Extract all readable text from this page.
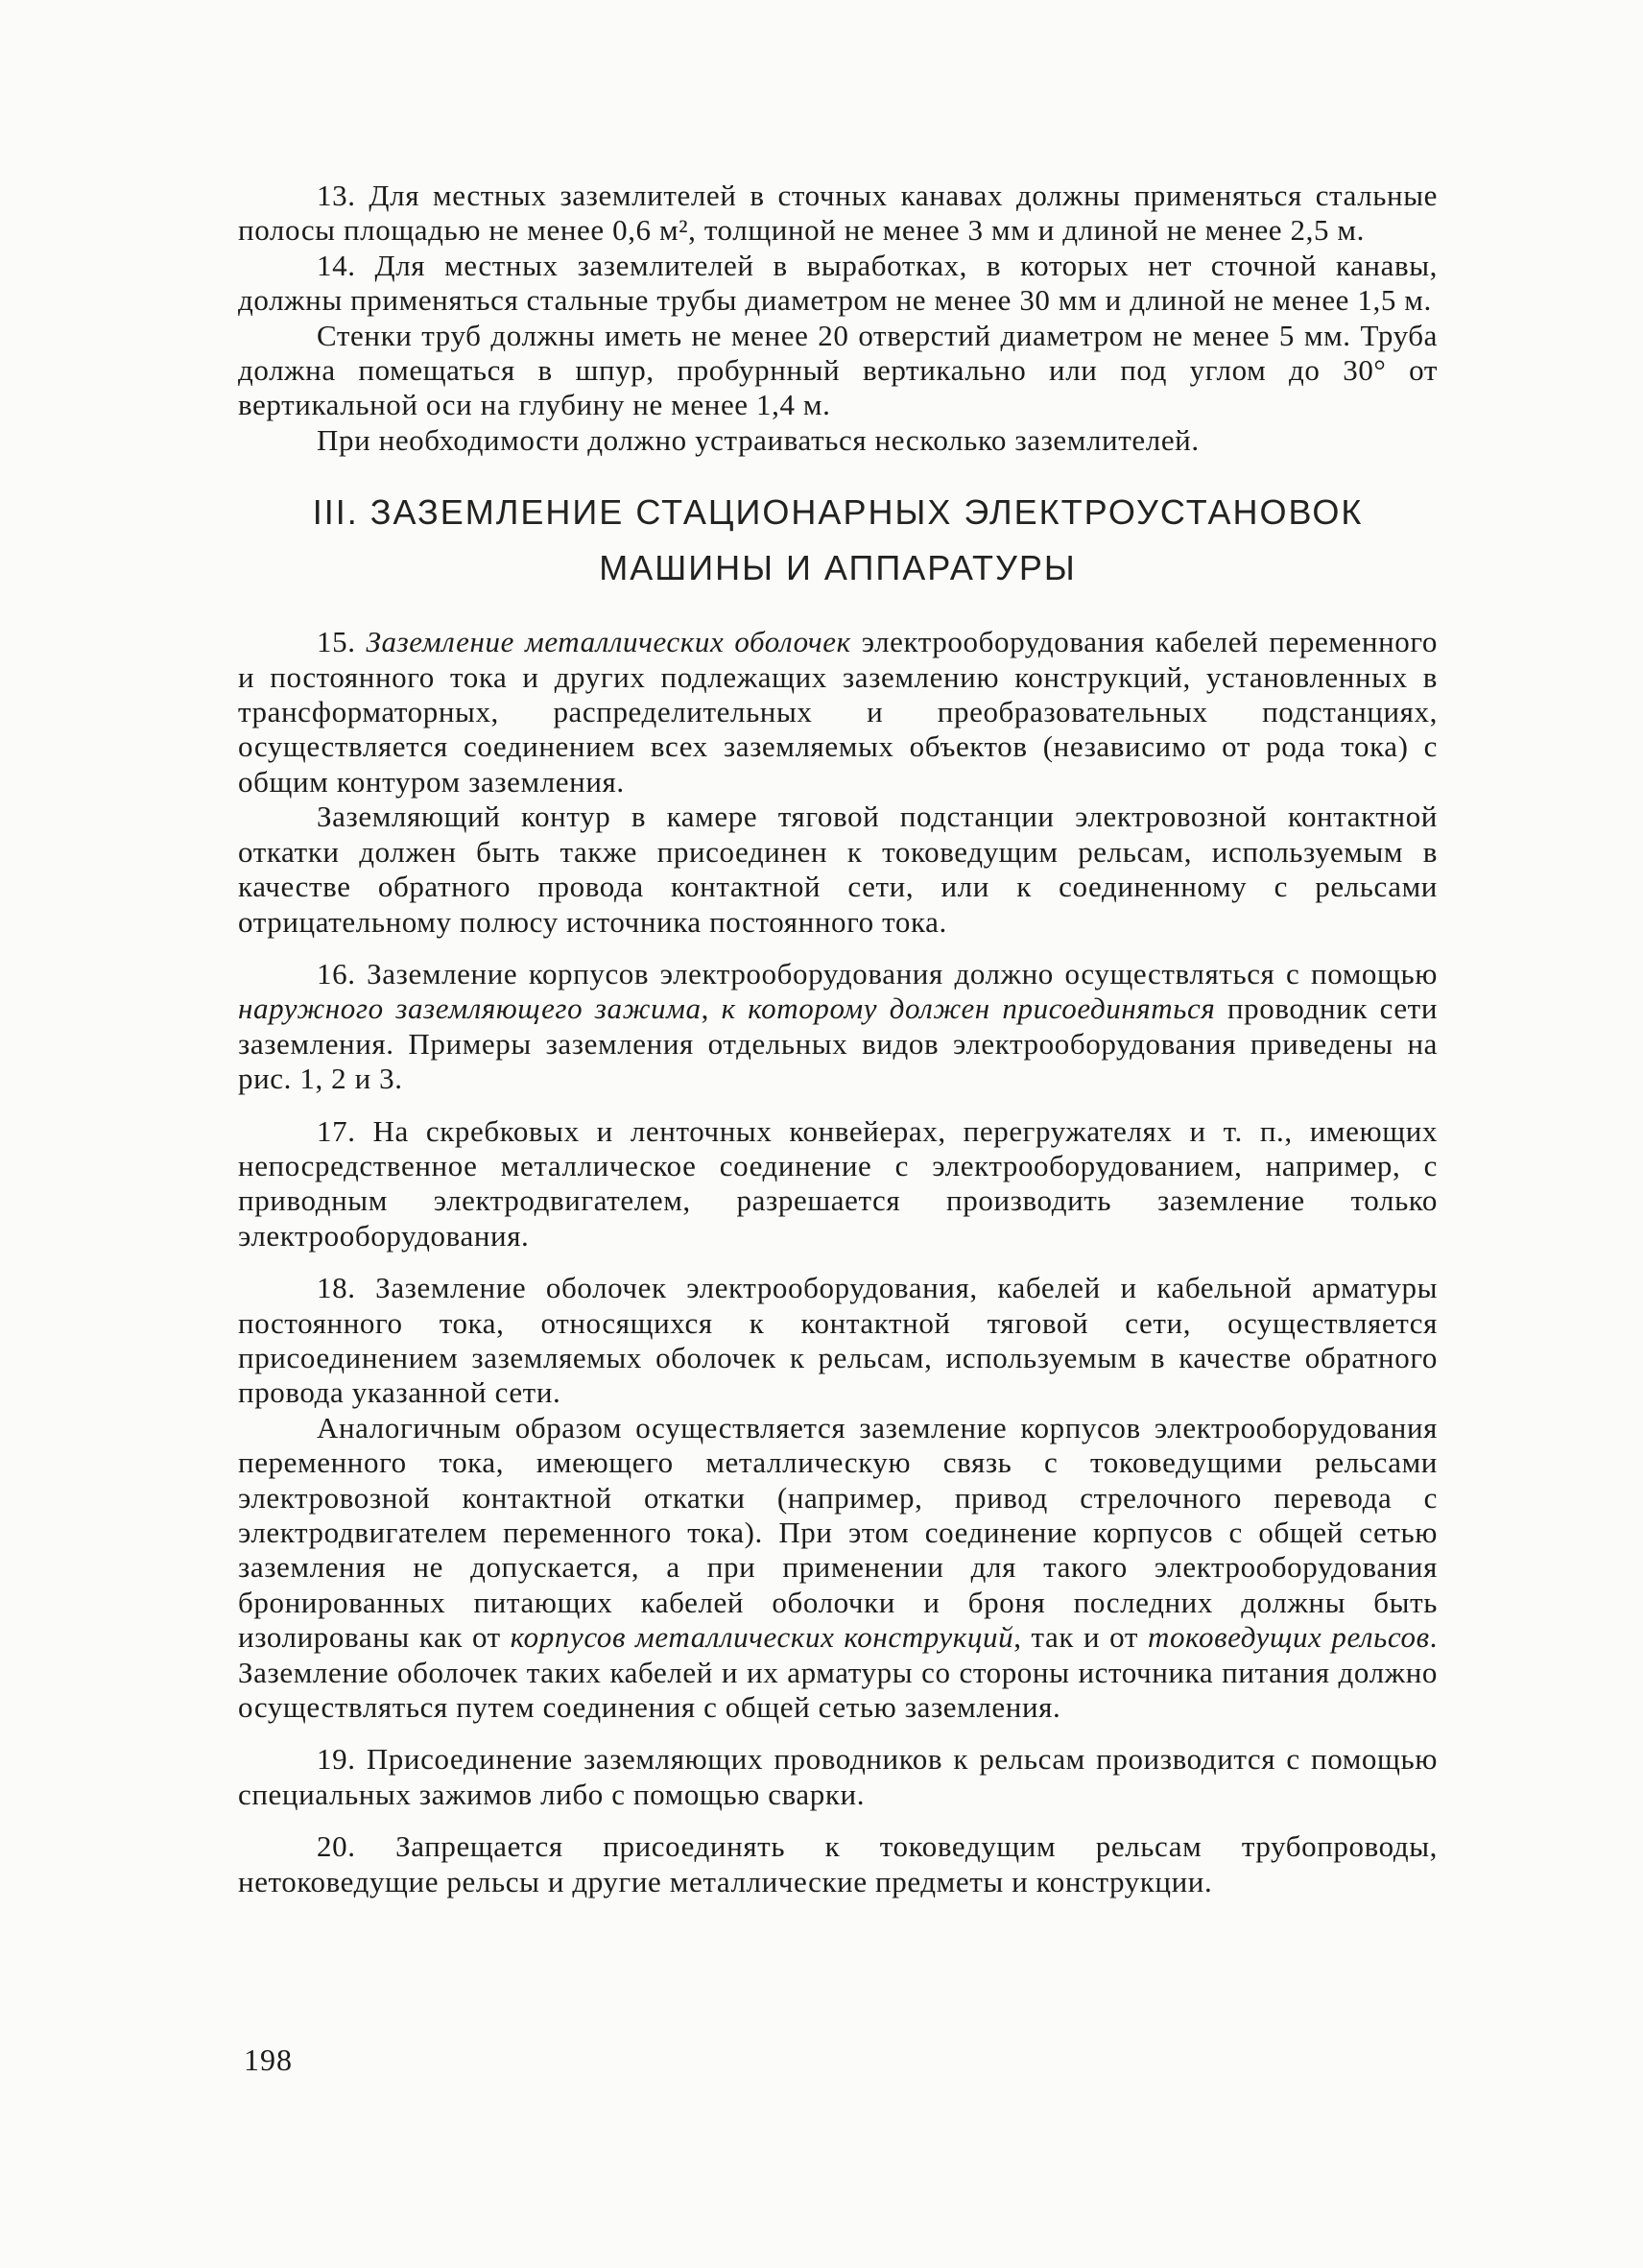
13. Для местных заземлителей в сточных канавах должны применяться стальные полосы площадью не менее 0,6 м², толщиной не менее 3 мм и длиной не менее 2,5 м.

14. Для местных заземлителей в выработках, в которых нет сточной канавы, должны применяться стальные трубы диаметром не менее 30 мм и длиной не менее 1,5 м.

Стенки труб должны иметь не менее 20 отверстий диаметром не менее 5 мм. Труба должна помещаться в шпур, пробурнный вертикально или под углом до 30° от вертикальной оси на глубину не менее 1,4 м.

При необходимости должно устраиваться несколько заземлителей.

III. ЗАЗЕМЛЕНИЕ СТАЦИОНАРНЫХ ЭЛЕКТРОУСТАНОВОК
МАШИНЫ И АППАРАТУРЫ

15. Заземление металлических оболочек электрооборудования кабелей переменного и постоянного тока и других подлежащих заземлению конструкций, установленных в трансформаторных, распределительных и преобразовательных подстанциях, осуществляется соединением всех заземляемых объектов (независимо от рода тока) с общим контуром заземления.

Заземляющий контур в камере тяговой подстанции электровозной контактной откатки должен быть также присоединен к токоведущим рельсам, используемым в качестве обратного провода контактной сети, или к соединенному с рельсами отрицательному полюсу источника постоянного тока.

16. Заземление корпусов электрооборудования должно осуществляться с помощью наружного заземляющего зажима, к которому должен присоединяться проводник сети заземления. Примеры заземления отдельных видов электрооборудования приведены на рис. 1, 2 и 3.

17. На скребковых и ленточных конвейерах, перегружателях и т. п., имеющих непосредственное металлическое соединение с электрооборудованием, например, с приводным электродвигателем, разрешается производить заземление только электрооборудования.

18. Заземление оболочек электрооборудования, кабелей и кабельной арматуры постоянного тока, относящихся к контактной тяговой сети, осуществляется присоединением заземляемых оболочек к рельсам, используемым в качестве обратного провода указанной сети.

Аналогичным образом осуществляется заземление корпусов электрооборудования переменного тока, имеющего металлическую связь с токоведущими рельсами электровозной контактной откатки (например, привод стрелочного перевода с электродвигателем переменного тока). При этом соединение корпусов с общей сетью заземления не допускается, а при применении для такого электрооборудования бронированных питающих кабелей оболочки и броня последних должны быть изолированы как от корпусов металлических конструкций, так и от токоведущих рельсов. Заземление оболочек таких кабелей и их арматуры со стороны источника питания должно осуществляться путем соединения с общей сетью заземления.

19. Присоединение заземляющих проводников к рельсам производится с помощью специальных зажимов либо с помощью сварки.

20. Запрещается присоединять к токоведущим рельсам трубопроводы, нетоковедущие рельсы и другие металлические предметы и конструкции.

198
